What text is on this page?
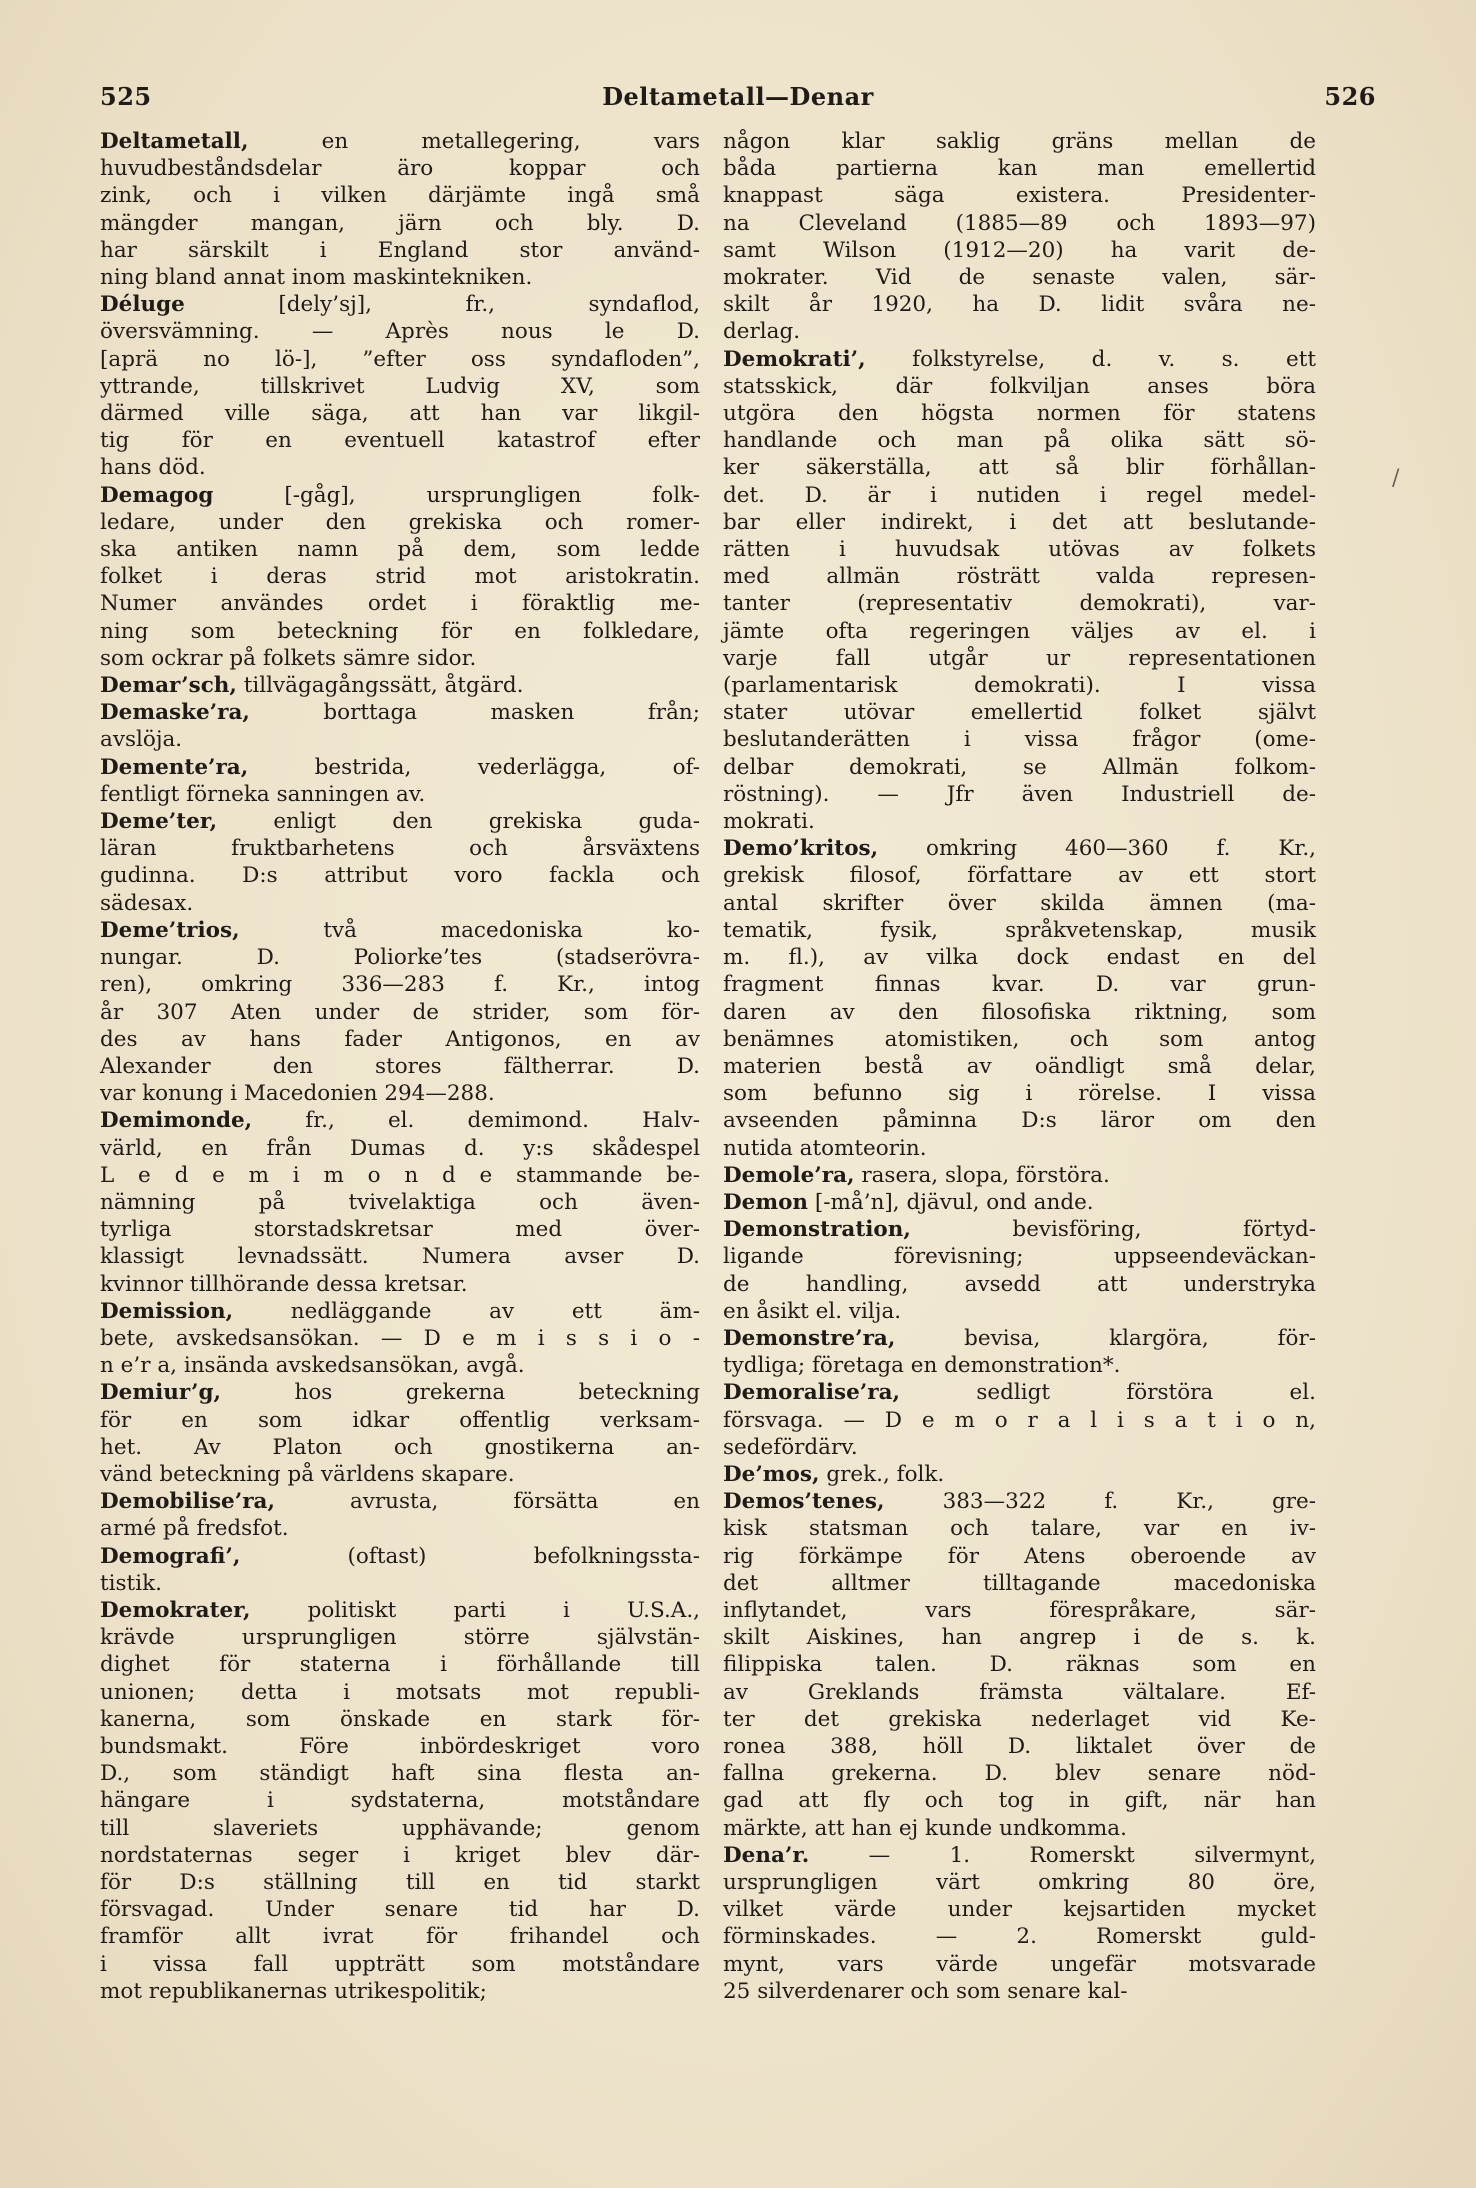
Deltametall—Denar
525	526
Deltametall, en metallegering, vars
huvudbeståndsdelar äro koppar och
zink, och i vilken därjämte ingå små
mängder mangan, järn och bly. D.
har särskilt i England stor använd-
ning bland annat inom maskintekniken.
Déluge [dely’sj], fr., syndaflod,
översvämning. — Après nous le D.
[aprä no lö-], ”efter oss syndafloden”,
yttrande, tillskrivet Ludvig XV, som
därmed ville säga, att han var likgil-
tig för en eventuell katastrof efter
hans död.
Demagog [-gåg], ursprungligen folk-
ledare, under den grekiska och romer-
ska antiken namn på dem, som ledde
folket i deras strid mot aristokratin.
Numer användes ordet i föraktlig me-
ning som beteckning för en folkledare,
som ockrar på folkets sämre sidor.
Demar’sch, tillvägagångssätt, åtgärd.
Demaske’ra, borttaga masken från;
avslöja.
Demente’ra, bestrida, vederlägga, of-
fentligt förneka sanningen av.
Deme’ter, enligt den grekiska guda-
läran fruktbarhetens och årsväxtens
gudinna. D:s attribut voro fackla och
sädesax.
Deme’trios, två macedoniska ko-
nungar. D. Poliorke’tes (stadserövra-
ren), omkring 336—283 f. Kr., intog
år 307 Aten under de strider, som för-
des av hans fader Antigonos, en av
Alexander den stores fältherrar. D.
var konung i Macedonien 294—288.
Demimonde, fr., el. demimond. Halv-
värld, en från Dumas d. y:s skådespel
L e d e m i m o n d e stammande be-
nämning på tvivelaktiga och även-
tyrliga storstadskretsar med över-
klassigt levnadssätt. Numera avser D.
kvinnor tillhörande dessa kretsar.
Demission, nedläggande av ett äm-
bete, avskedsansökan. — D e m i s s i o -
n e’r a, insända avskedsansökan, avgå.
Demiur’g, hos grekerna beteckning
för en som idkar offentlig verksam-
het. Av Platon och gnostikerna an-
vänd beteckning på världens skapare.
Demobilise’ra, avrusta, försätta en
armé på fredsfot.
Demografi’, (oftast) befolkningssta-
tistik.
Demokrater, politiskt parti i U.S.A.,
krävde ursprungligen större självstän-
dighet för staterna i förhållande till
unionen; detta i motsats mot republi-
kanerna, som önskade en stark för-
bundsmakt. Före inbördeskriget voro
D., som ständigt haft sina flesta an-
hängare i sydstaterna, motståndare
till slaveriets upphävande; genom
nordstaternas seger i kriget blev där-
för D:s ställning till en tid starkt
försvagad. Under senare tid har D.
framför allt ivrat för frihandel och
i vissa fall uppträtt som motståndare
mot republikanernas utrikespolitik;
någon klar saklig gräns mellan de
båda partierna kan man emellertid
knappast säga existera. Presidenter-
na Cleveland (1885—89 och 1893—97)
samt Wilson (1912—20) ha varit de-
mokrater. Vid de senaste valen, sär-
skilt år 1920, ha D. lidit svåra ne-
derlag.
Demokrati’, folkstyrelse, d. v. s. ett
statsskick, där folkviljan anses böra
utgöra den högsta normen för statens
handlande och man på olika sätt sö-
ker säkerställa, att så blir förhållan-
det. D. är i nutiden i regel medel-
bar eller indirekt, i det att beslutande-
rätten i huvudsak utövas av folkets
med allmän rösträtt valda represen-
tanter (representativ demokrati), var-
jämte ofta regeringen väljes av el. i
varje fall utgår ur representationen
(parlamentarisk demokrati). I vissa
stater utövar emellertid folket självt
beslutanderätten i vissa frågor (ome-
delbar demokrati, se Allmän folkom-
röstning). — Jfr även Industriell de-
mokrati.
Demo’kritos, omkring 460—360 f. Kr.,
grekisk filosof, författare av ett stort
antal skrifter över skilda ämnen (ma-
tematik, fysik, språkvetenskap, musik
m. fl.), av vilka dock endast en del
fragment finnas kvar. D. var grun-
daren av den filosofiska riktning, som
benämnes atomistiken, och som antog
materien bestå av oändligt små delar,
som befunno sig i rörelse. I vissa
avseenden påminna D:s läror om den
nutida atomteorin.
Demole’ra, rasera, slopa, förstöra.
Demon [-må’n], djävul, ond ande.
Demonstration, bevisföring, förtyd-
ligande förevisning; uppseendeväckan-
de handling, avsedd att understryka
en åsikt el. vilja.
Demonstre’ra, bevisa, klargöra, för-
tydliga; företaga en demonstration*.
Demoralise’ra, sedligt förstöra el.
försvaga. — D e m o r a l i s a t i o n,
sedefördärv.
De’mos, grek., folk.
Demos’tenes, 383—322 f. Kr., gre-
kisk statsman och talare, var en iv-
rig förkämpe för Atens oberoende av
det alltmer tilltagande macedoniska
inflytandet, vars förespråkare, sär-
skilt Aiskines, han angrep i de s. k.
filippiska talen. D. räknas som en
av Greklands främsta vältalare. Ef-
ter det grekiska nederlaget vid Ke-
ronea 388, höll D. liktalet över de
fallna grekerna. D. blev senare nöd-
gad att fly och tog in gift, när han
märkte, att han ej kunde undkomma.
Dena’r. — 1. Romerskt silvermynt,
ursprungligen värt omkring 80 öre,
vilket värde under kejsartiden mycket
förminskades. — 2. Romerskt guld-
mynt, vars värde ungefär motsvarade
25 silverdenarer och som senare kal-
/
